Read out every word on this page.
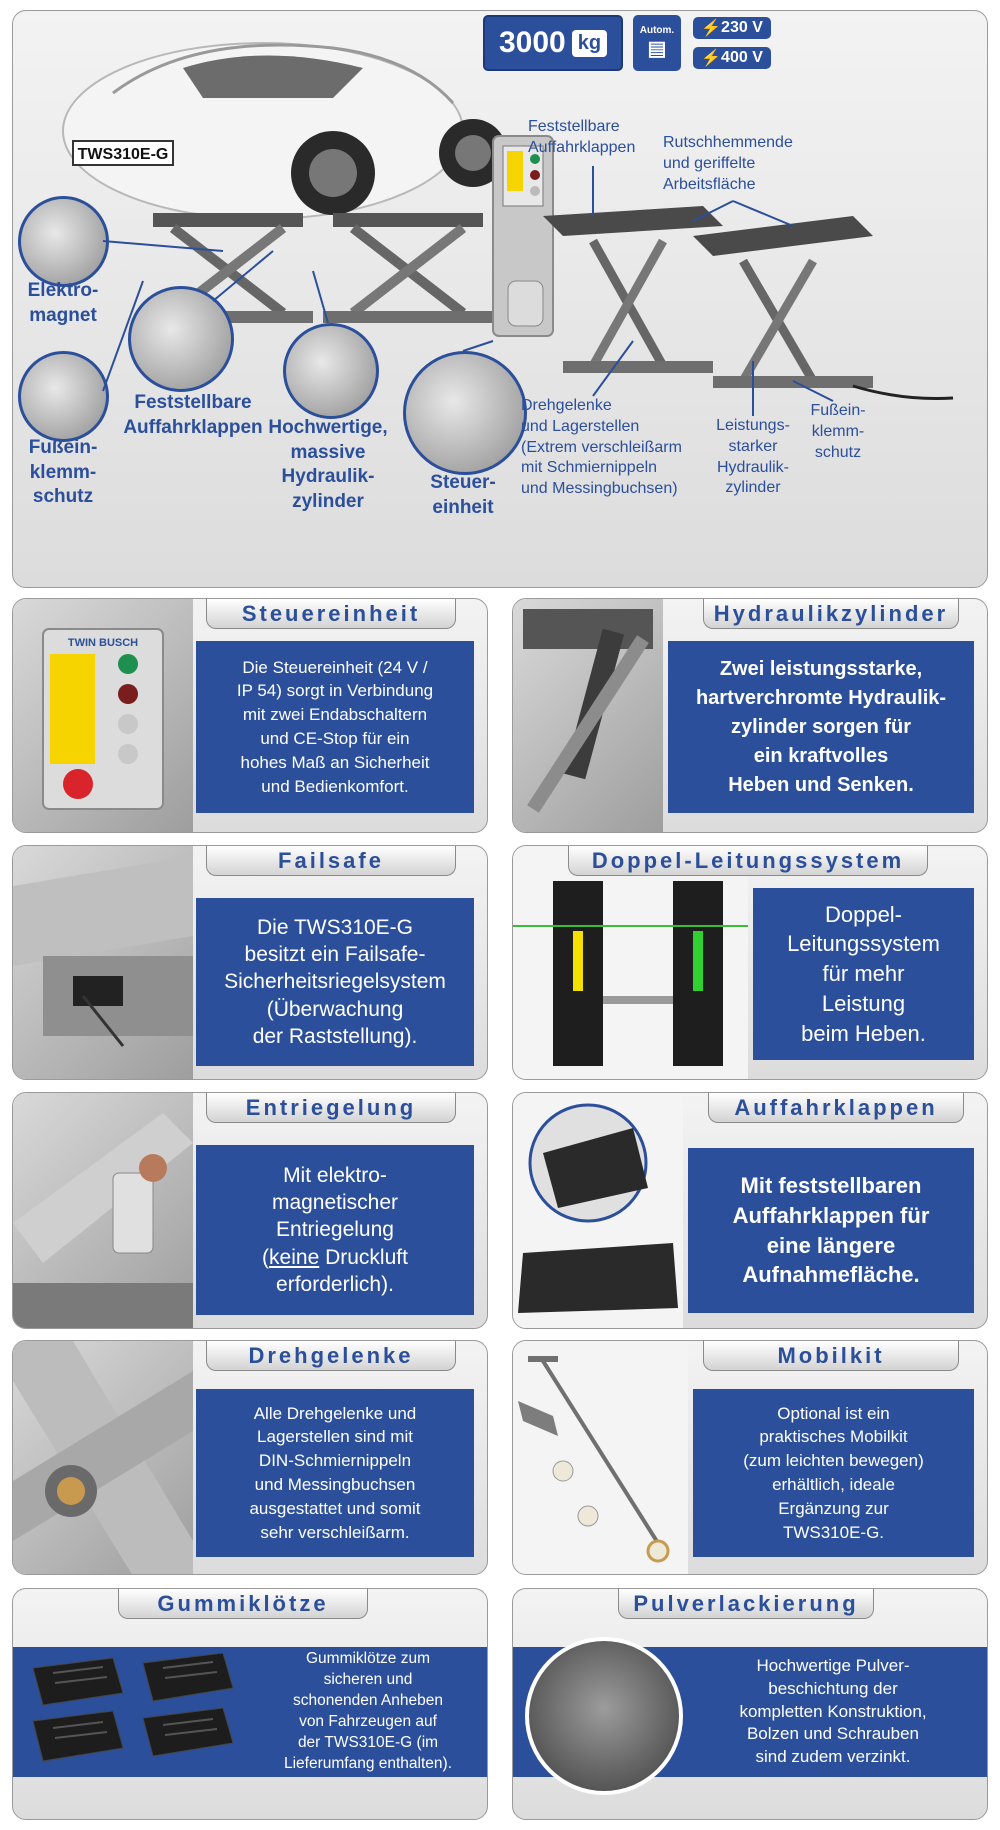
TWS310E-G
3000 kg
Autom.
▤
⚡ 230 V
⚡ 400 V
Elektro-
magnet
Fußein-
klemm-
schutz
Feststellbare
Auffahrklappen Hochwertige,
massive
Hydraulik-
zylinder
Steuer-
einheit
Feststellbare
Auffahrklappen	Rutschhemmende
und geriffelte
Arbeitsfläche
Drehgelenke
und Lagerstellen
(Extrem verschleißarm
mit Schmiernippeln
und Messingbuchsen)
Leistungs-
starker
Hydraulik-
zylinder
Fußein-
klemm-
schutz
TWIN BUSCH
Steuereinheit
Die Steuereinheit (24 V /
IP 54) sorgt in Verbindung
mit zwei Endabschaltern
und CE-Stop für ein
hohes Maß an Sicherheit
und Bedienkomfort.
Hydraulikzylinder
Zwei leistungsstarke,
hartverchromte Hydraulik-
zylinder sorgen für
ein kraftvolles
Heben und Senken.
Failsafe
Die TWS310E-G
besitzt ein Failsafe-
Sicherheitsriegelsystem
(Überwachung
der Raststellung).
Doppel-Leitungssystem
Doppel-
Leitungssystem
für mehr
Leistung
beim Heben.
Entriegelung
Mit elektro-
magnetischer
Entriegelung
(keine Druckluft
erforderlich).
Auffahrklappen
Mit feststellbaren
Auffahrklappen für
eine längere
Aufnahmefläche.
Drehgelenke
Alle Drehgelenke und
Lagerstellen sind mit
DIN-Schmiernippeln
und Messingbuchsen
ausgestattet und somit
sehr verschleißarm.
Mobilkit
Optional ist ein
praktisches Mobilkit
(zum leichten bewegen)
erhältlich, ideale
Ergänzung zur
TWS310E-G.
Gummiklötze
Gummiklötze zum
sicheren und
schonenden Anheben
von Fahrzeugen auf
der TWS310E-G (im
Lieferumfang enthalten).
Pulverlackierung
Hochwertige Pulver-
beschichtung der
kompletten Konstruktion,
Bolzen und Schrauben
sind zudem verzinkt.
